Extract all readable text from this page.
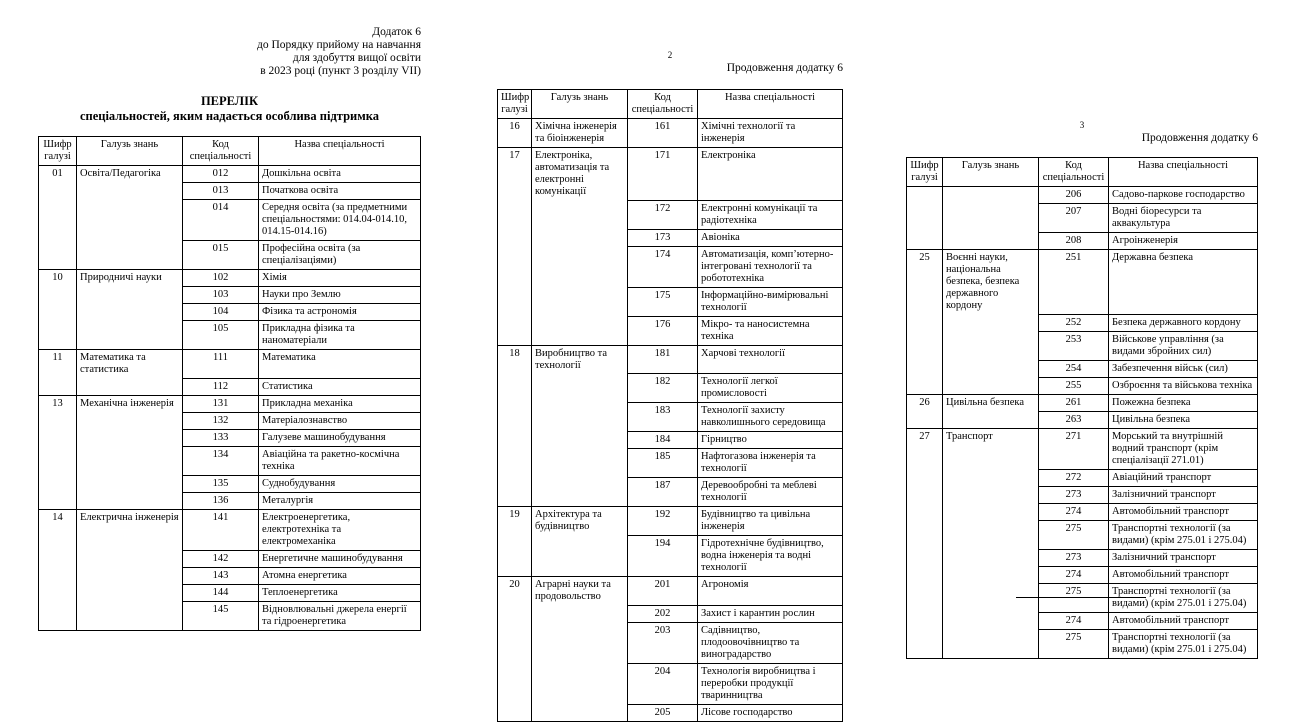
Додаток 6
до Порядку прийому на навчання
для здобуття вищої освіти
в 2023 році (пункт 3 розділу VII)
ПЕРЕЛІК
спеціальностей, яким надається особлива підтримка
Шифр галузі	Галузь знань	Код спеціальності	Назва спеціальності
01	Освіта/Педагогіка	012	Дошкільна освіта
		013	Початкова освіта
		014	Середня освіта (за предметними спеціальностями: 014.04-014.10, 014.15-014.16)
		015	Професійна освіта (за спеціалізаціями)
10	Природничі науки	102	Хімія
		103	Науки про Землю
		104	Фізика та астрономія
		105	Прикладна фізика та наноматеріали
11	Математика та статистика	111	Математика
		112	Статистика
13	Механічна інженерія	131	Прикладна механіка
		132	Матеріалознавство
		133	Галузеве машинобудування
		134	Авіаційна та ракетно-космічна техніка
		135	Суднобудування
		136	Металургія
14	Електрична інженерія	141	Електроенергетика, електротехніка та електромеханіка
		142	Енергетичне машинобудування
		143	Атомна енергетика
		144	Теплоенергетика
		145	Відновлювальні джерела енергії та гідроенергетика
2
Продовження додатку 6
Шифр галузі	Галузь знань	Код спеціальності	Назва спеціальності
16	Хімічна інженерія та біоінженерія	161	Хімічні технології та інженерія
17	Електроніка, автоматизація та електронні комунікації	171	Електроніка
		172	Електронні комунікації та радіотехніка
		173	Авіоніка
		174	Автоматизація, комп’ютерно-інтегровані технології та робототехніка
		175	Інформаційно-вимірювальні технології
		176	Мікро- та наносистемна техніка
18	Виробництво та технології	181	Харчові технології
		182	Технології легкої промисловості
		183	Технології захисту навколишнього середовища
		184	Гірництво
		185	Нафтогазова інженерія та технології
		187	Деревообробні та меблеві технології
19	Архітектура та будівництво	192	Будівництво та цивільна інженерія
		194	Гідротехнічне будівництво, водна інженерія та водні технології
20	Аграрні науки та продовольство	201	Агрономія
		202	Захист і карантин рослин
		203	Садівництво, плодоовочівництво та виноградарство
		204	Технологія виробництва і переробки продукції тваринництва
		205	Лісове господарство
3
Продовження додатку 6
Шифр галузі	Галузь знань	Код спеціальності	Назва спеціальності
		206	Садово-паркове господарство
		207	Водні біоресурси та аквакультура
		208	Агроінженерія
25	Воєнні науки, національна безпека, безпека державного кордону	251	Державна безпека
		252	Безпека державного кордону
		253	Військове управління (за видами збройних сил)
		254	Забезпечення військ (сил)
		255	Озброєння та військова техніка
26	Цивільна безпека	261	Пожежна безпека
		263	Цивільна безпека
27	Транспорт	271	Морський та внутрішній водний транспорт (крім спеціалізації 271.01)
		272	Авіаційний транспорт
		273	Залізничний транспорт
		274	Автомобільний транспорт
		275	Транспортні технології (за видами) (крім 275.01 і 275.04)
		273	Залізничний транспорт
		274	Автомобільний транспорт
		275	Транспортні технології (за видами) (крім 275.01 і 275.04)
		274	Автомобільний транспорт
		275	Транспортні технології (за видами) (крім 275.01 і 275.04)
